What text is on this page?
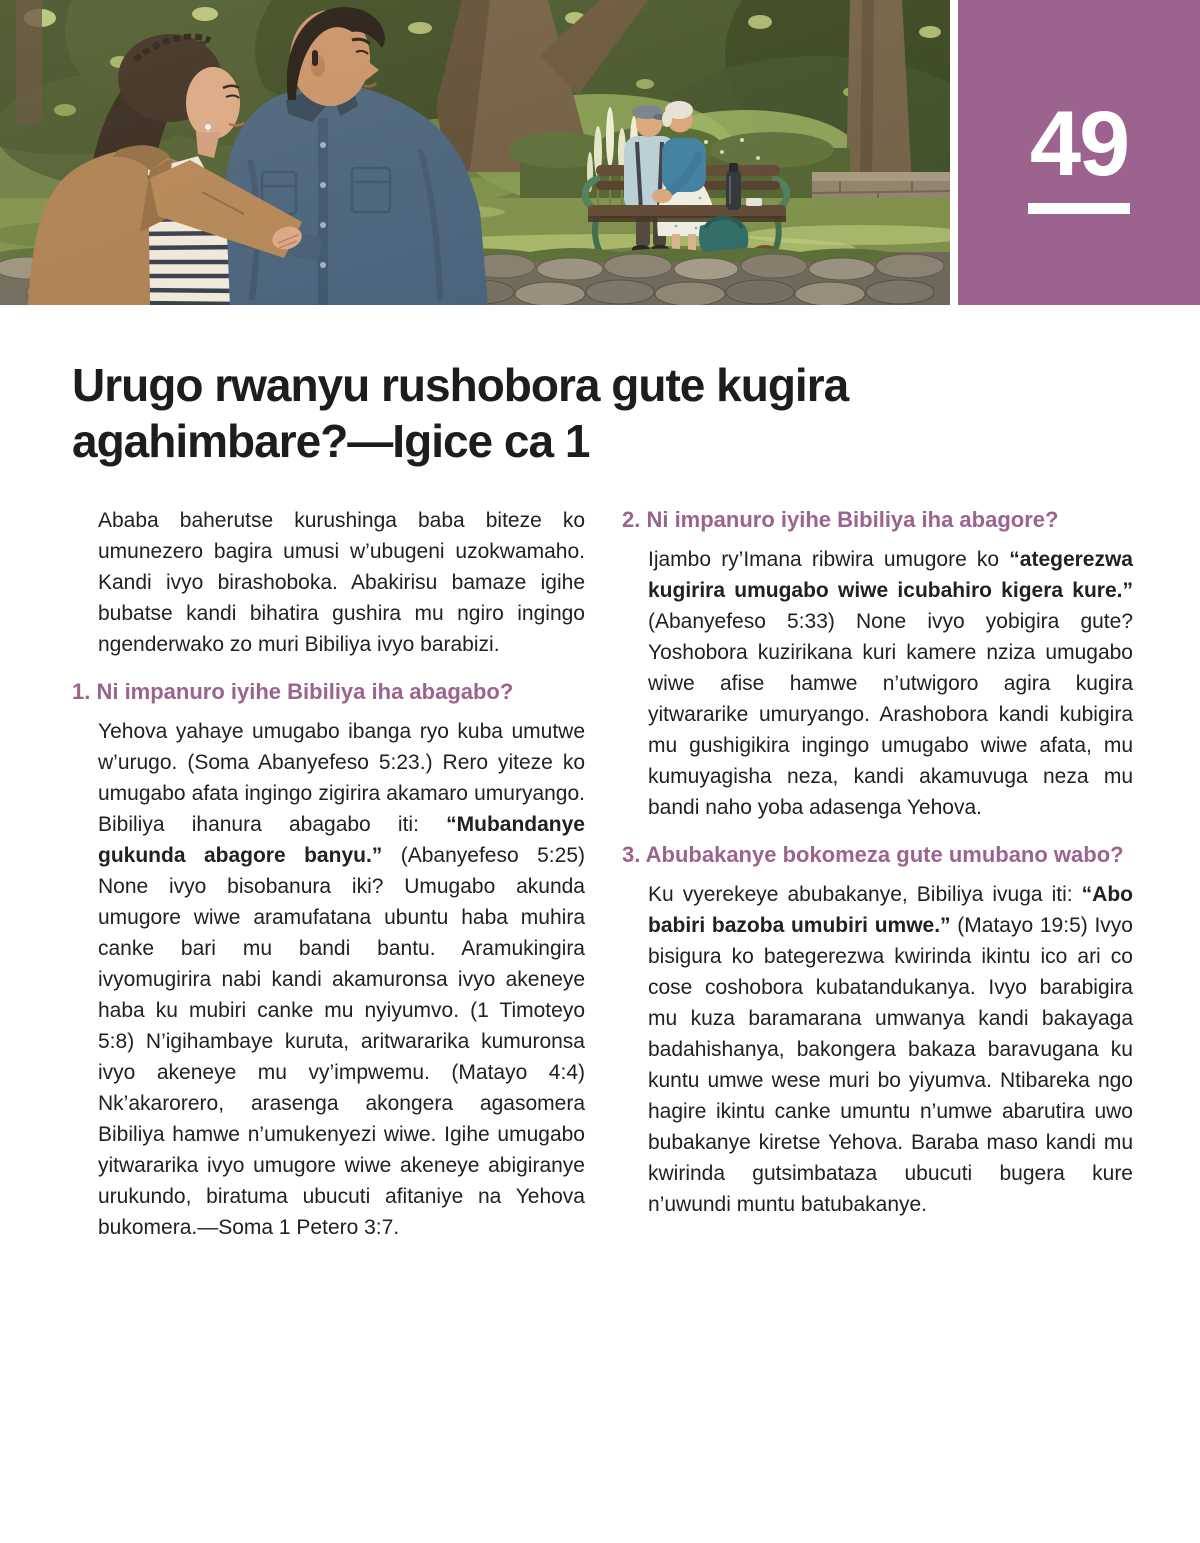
49
Urugo rwanyu rushobora gute kugira agahimbare?—Igice ca 1

Ababa baherutse kurushinga baba biteze ko umunezero bagira umusi w’ubugeni uzokwamaho. Kandi ivyo birashoboka. Abakirisu bamaze igihe bubatse kandi bihatira gushira mu ngiro ingingo ngenderwako zo muri Bibiliya ivyo barabizi.

1. Ni impanuro iyihe Bibiliya iha abagabo?

Yehova yahaye umugabo ibanga ryo kuba umutwe w’urugo. (Soma Abanyefeso 5:23.) Rero yiteze ko umugabo afata ingingo zigirira akamaro umuryango. Bibiliya ihanura abagabo iti: “Mubandanye gukunda abagore banyu.” (Abanyefeso 5:25) None ivyo bisobanura iki? Umugabo akunda umugore wiwe aramufatana ubuntu haba muhira canke bari mu bandi bantu. Aramukingira ivyomugirira nabi kandi akamuronsa ivyo akeneye haba ku mubiri canke mu nyiyumvo. (1 Timoteyo 5:8) N’igihambaye kuruta, aritwararika kumuronsa ivyo akeneye mu vy’impwemu. (Matayo 4:4) Nk’akarorero, arasenga akongera agasomera Bibiliya hamwe n’umukenyezi wiwe. Igihe umugabo yitwararika ivyo umugore wiwe akeneye abigiranye urukundo, biratuma ubucuti afitaniye na Yehova bukomera.—Soma 1 Petero 3:7.

2. Ni impanuro iyihe Bibiliya iha abagore?

Ijambo ry’Imana ribwira umugore ko “ategerezwa kugirira umugabo wiwe icubahiro kigera kure.” (Abanyefeso 5:33) None ivyo yobigira gute? Yoshobora kuzirikana kuri kamere nziza umugabo wiwe afise hamwe n’utwigoro agira kugira yitwararike umuryango. Arashobora kandi kubigira mu gushigikira ingingo umugabo wiwe afata, mu kumuyagisha neza, kandi akamuvuga neza mu bandi naho yoba adasenga Yehova.

3. Abubakanye bokomeza gute umubano wabo?

Ku vyerekeye abubakanye, Bibiliya ivuga iti: “Abo babiri bazoba umubiri umwe.” (Matayo 19:5) Ivyo bisigura ko bategerezwa kwirinda ikintu ico ari co cose coshobora kubatandukanya. Ivyo barabigira mu kuza baramarana umwanya kandi bakayaga badahishanya, bakongera bakaza baravugana ku kuntu umwe wese muri bo yiyumva. Ntibareka ngo hagire ikintu canke umuntu n’umwe abarutira uwo bubakanye kiretse Yehova. Baraba maso kandi mu kwirinda gutsimbataza ubucuti bugera kure n’uwundi muntu batubakanye.
